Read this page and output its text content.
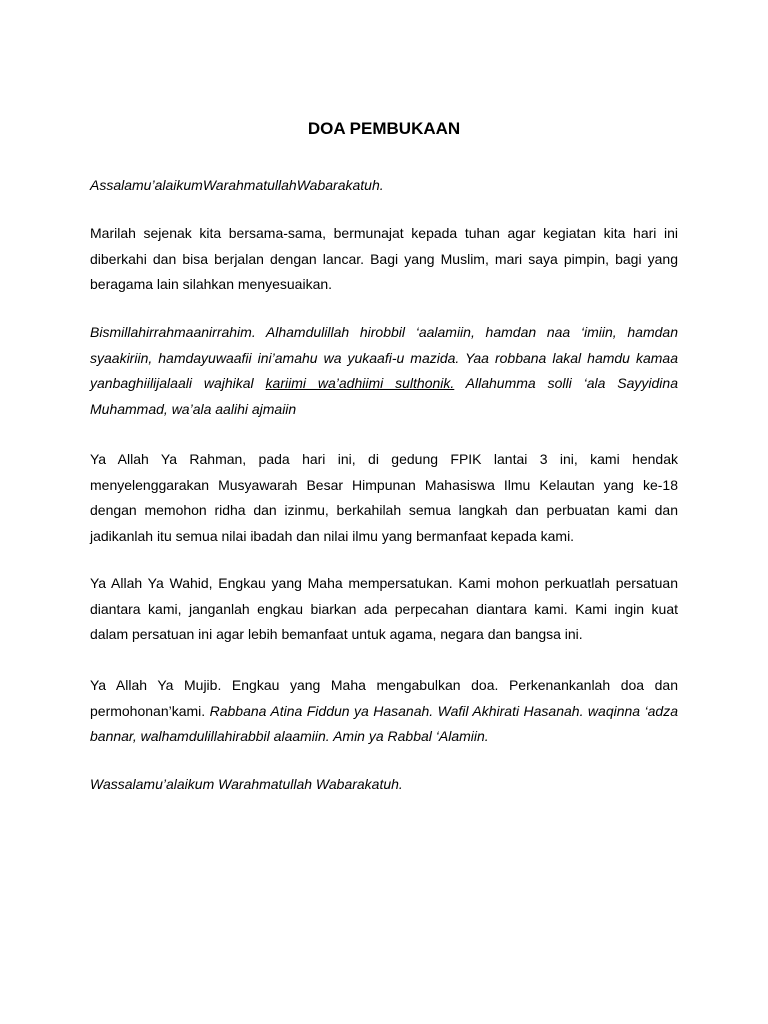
DOA PEMBUKAAN

Assalamu’alaikumWarahmatullahWabarakatuh.

Marilah sejenak kita bersama-sama, bermunajat kepada tuhan agar kegiatan kita hari ini diberkahi dan bisa berjalan dengan lancar. Bagi yang Muslim, mari saya pimpin, bagi yang beragama lain silahkan menyesuaikan.

Bismillahirrahmaanirrahim. Alhamdulillah hirobbil ‘aalamiin, hamdan naa ‘imiin, hamdan syaakiriin, hamdayuwaafii ini’amahu wa yukaafi-u mazida. Yaa robbana lakal hamdu kamaa yanbaghiilijalaali wajhikal kariimi wa’adhiimi sulthonik. Allahumma solli ‘ala Sayyidina Muhammad, wa’ala aalihi ajmaiin

Ya Allah Ya Rahman, pada hari ini, di gedung FPIK lantai 3 ini, kami hendak menyelenggarakan Musyawarah Besar Himpunan Mahasiswa Ilmu Kelautan yang ke-18 dengan memohon ridha dan izinmu, berkahilah semua langkah dan perbuatan kami dan jadikanlah itu semua nilai ibadah dan nilai ilmu yang bermanfaat kepada kami.

Ya Allah Ya Wahid, Engkau yang Maha mempersatukan. Kami mohon perkuatlah persatuan diantara kami, janganlah engkau biarkan ada perpecahan diantara kami. Kami ingin kuat dalam persatuan ini agar lebih bemanfaat untuk agama, negara dan bangsa ini.

Ya Allah Ya Mujib. Engkau yang Maha mengabulkan doa. Perkenankanlah doa dan permohonan’kami. Rabbana Atina Fiddun ya Hasanah. Wafil Akhirati Hasanah. waqinna ‘adza bannar, walhamdulillahirabbil alaamiin. Amin ya Rabbal ‘Alamiin.

Wassalamu’alaikum Warahmatullah Wabarakatuh.
